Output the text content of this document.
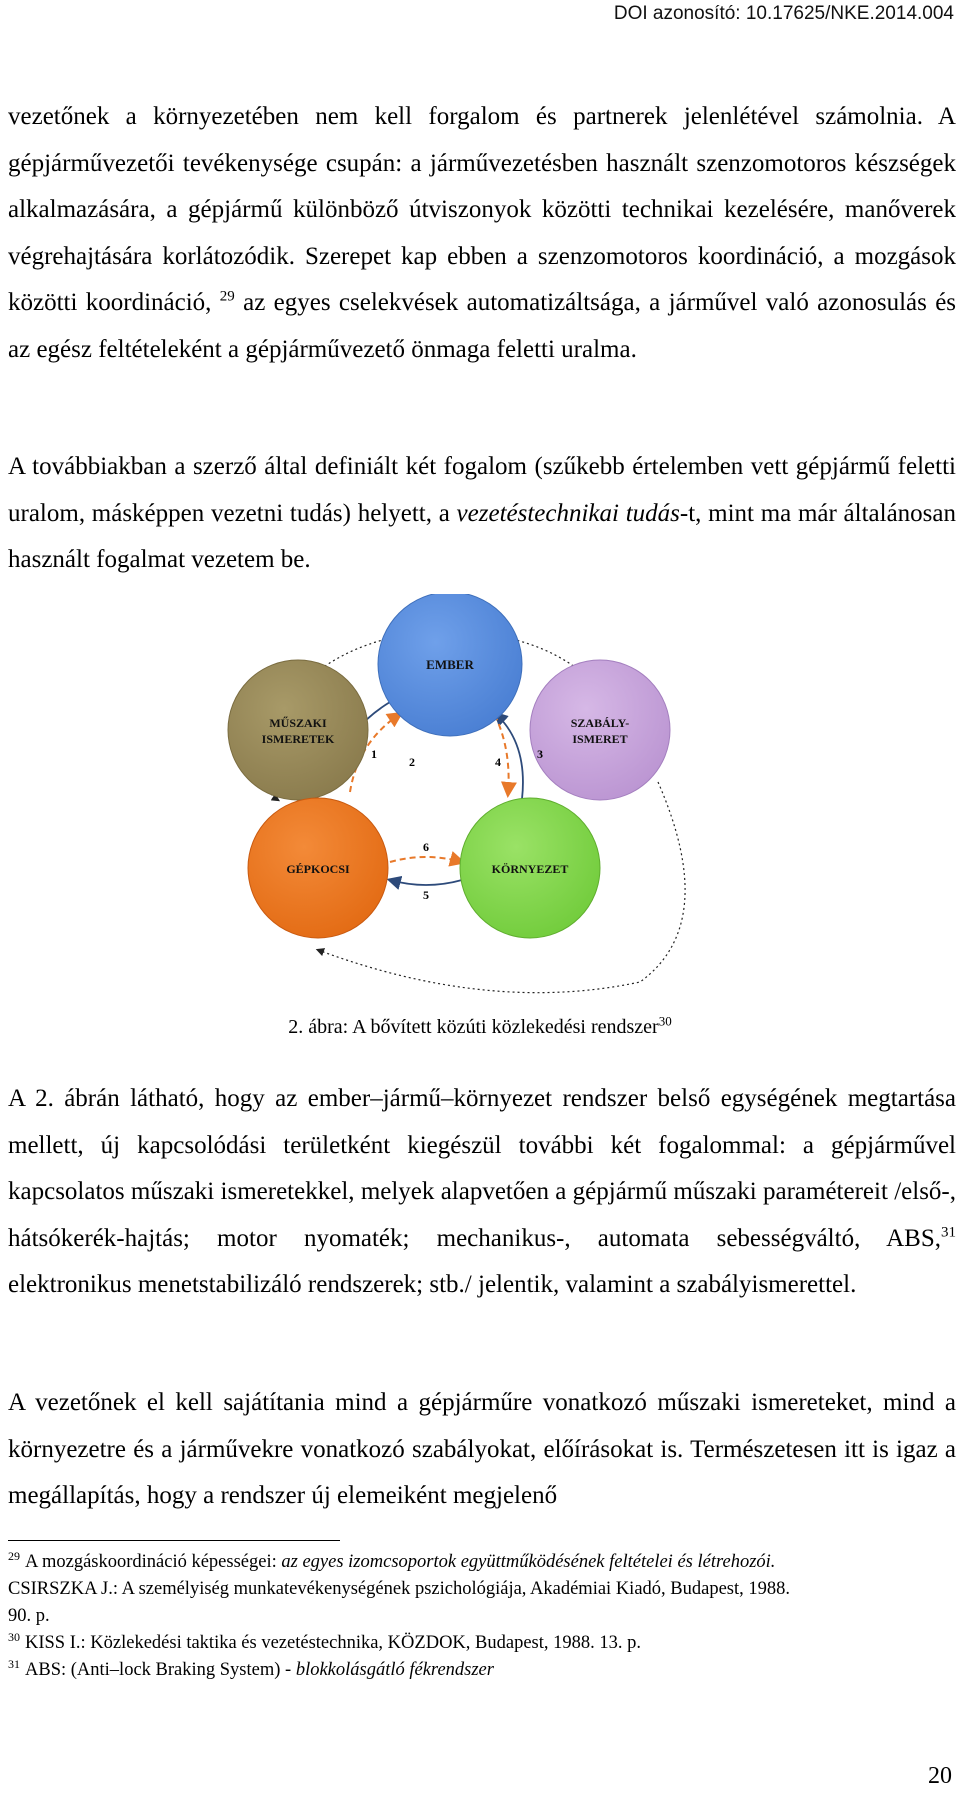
DOI azonosító: 10.17625/NKE.2014.004

vezetőnek a környezetében nem kell forgalom és partnerek jelenlétével számolnia. A gépjárművezetői tevékenysége csupán: a járművezetésben használt szenzomotoros készségek alkalmazására, a gépjármű különböző útviszonyok közötti technikai kezelésére, manőverek végrehajtására korlátozódik. Szerepet kap ebben a szenzomotoros koordináció, a mozgások közötti koordináció, $^{29}$ az egyes cselekvések automatizáltsága, a járművel való azonosulás és az egész feltételeként a gépjárművezető önmaga feletti uralma.

A továbbiakban a szerző által definiált két fogalom (szűkebb értelemben vett gépjármű feletti uralom, másképpen vezetni tudás) helyett, a vezetéstechnikai tudás-t, mint ma már általánosan használt fogalmat vezetem be.

EMBER
MŰSZAKI
ISMERETEK
SZABÁLY-
ISMERET
GÉPKOCSI	KÖRNYEZET
1
2
3
4
6
5
2. ábra: A bővített közúti közlekedési rendszer$^{30}$

A 2. ábrán látható, hogy az ember–jármű–környezet rendszer belső egységének megtartása mellett, új kapcsolódási területként kiegészül további két fogalommal: a gépjárművel kapcsolatos műszaki ismeretekkel, melyek alapvetően a gépjármű műszaki paramétereit /első-, hátsókerék-hajtás; motor nyomaték; mechanikus-, automata sebességváltó, ABS,$^{31}$ elektronikus menetstabilizáló rendszerek; stb./ jelentik, valamint a szabályismerettel.

A vezetőnek el kell sajátítania mind a gépjárműre vonatkozó műszaki ismereteket, mind a környezetre és a járművekre vonatkozó szabályokat, előírásokat is. Természetesen itt is igaz a megállapítás, hogy a rendszer új elemeiként megjelenő

$^{29}$ A mozgáskoordináció képességei: az egyes izomcsoportok együttműködésének feltételei és létrehozói.

CSIRSZKA J.: A személyiség munkatevékenységének pszichológiája, Akadémiai Kiadó, Budapest, 1988.

90. p.

$^{30}$ KISS I.: Közlekedési taktika és vezetéstechnika, KÖZDOK, Budapest, 1988. 13. p.

$^{31}$ ABS: (Anti–lock Braking System) - blokkolásgátló fékrendszer

20
